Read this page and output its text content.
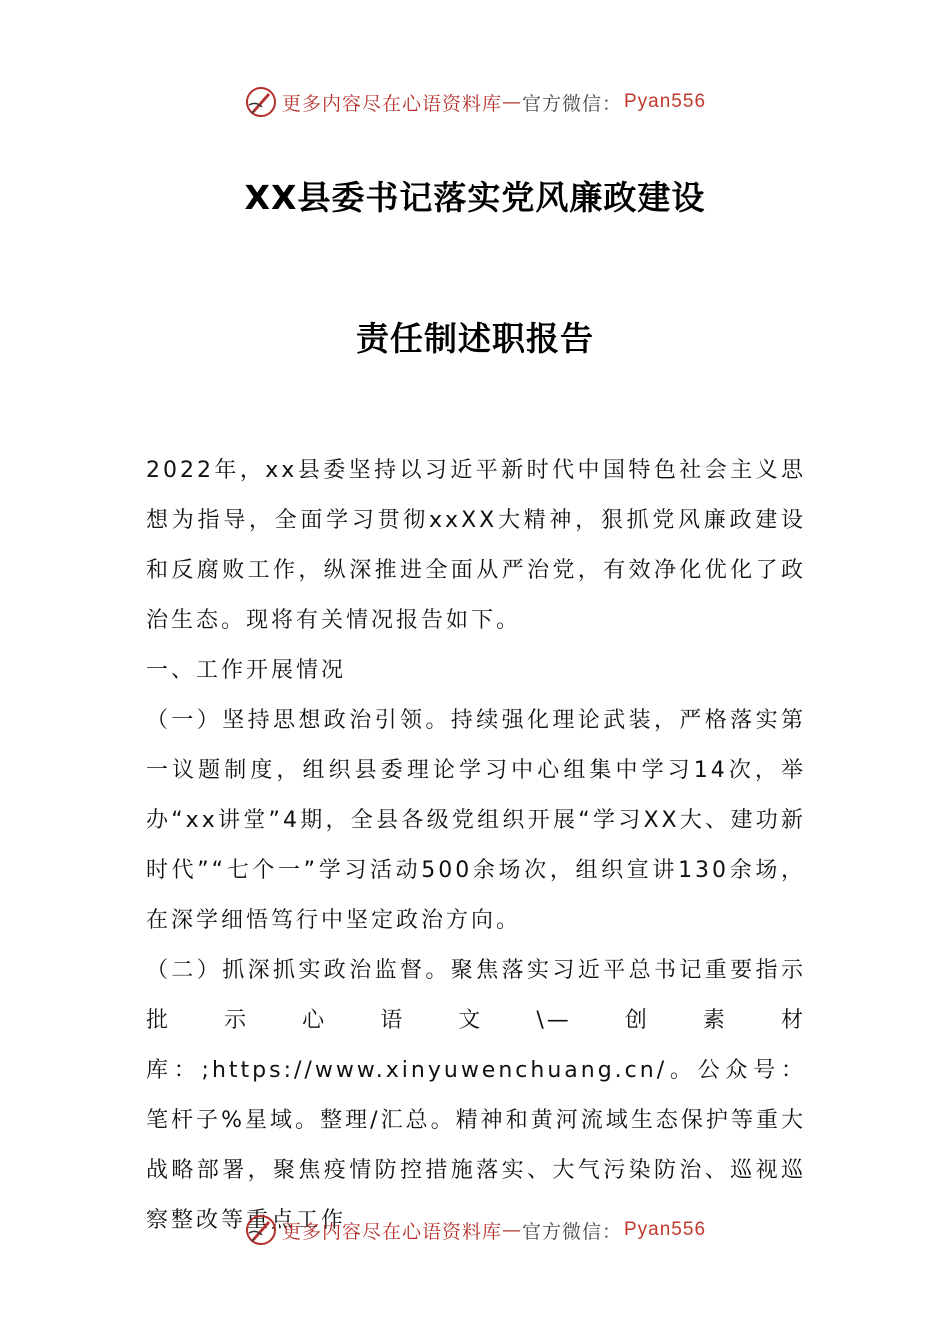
更多内容尽在心语资料库 — 官方微信： Pyan556
XX县委书记落实党风廉政建设
责任制述职报告

2022年，xx县委坚持以习近平新时代中国特色社会主义思想为指导，全面学习贯彻xxXX大精神，狠抓党风廉政建设和反腐败工作，纵深推进全面从严治党，有效净化优化了政治生态。现将有关情况报告如下。

一、工作开展情况

（一）坚持思想政治引领。持续强化理论武装，严格落实第一议题制度，组织县委理论学习中心组集中学习14次，举办“xx讲堂”4期，全县各级党组织开展“学习XX大、建功新时代”“七个一”学习活动500余场次，组织宣讲130余场，在深学细悟笃行中坚定政治方向。

（二）抓深抓实政治监督。聚焦落实习近平总书记重要指示批示心语文\—创素材库：;https://www.xinyuwenchuang.cn/。公众号：笔杆子%星域。整理/汇总。精神和黄河流域生态保护等重大战略部署，聚焦疫情防控措施落实、大气污染防治、巡视巡察整改等重点工作

更多内容尽在心语资料库 — 官方微信： Pyan556
